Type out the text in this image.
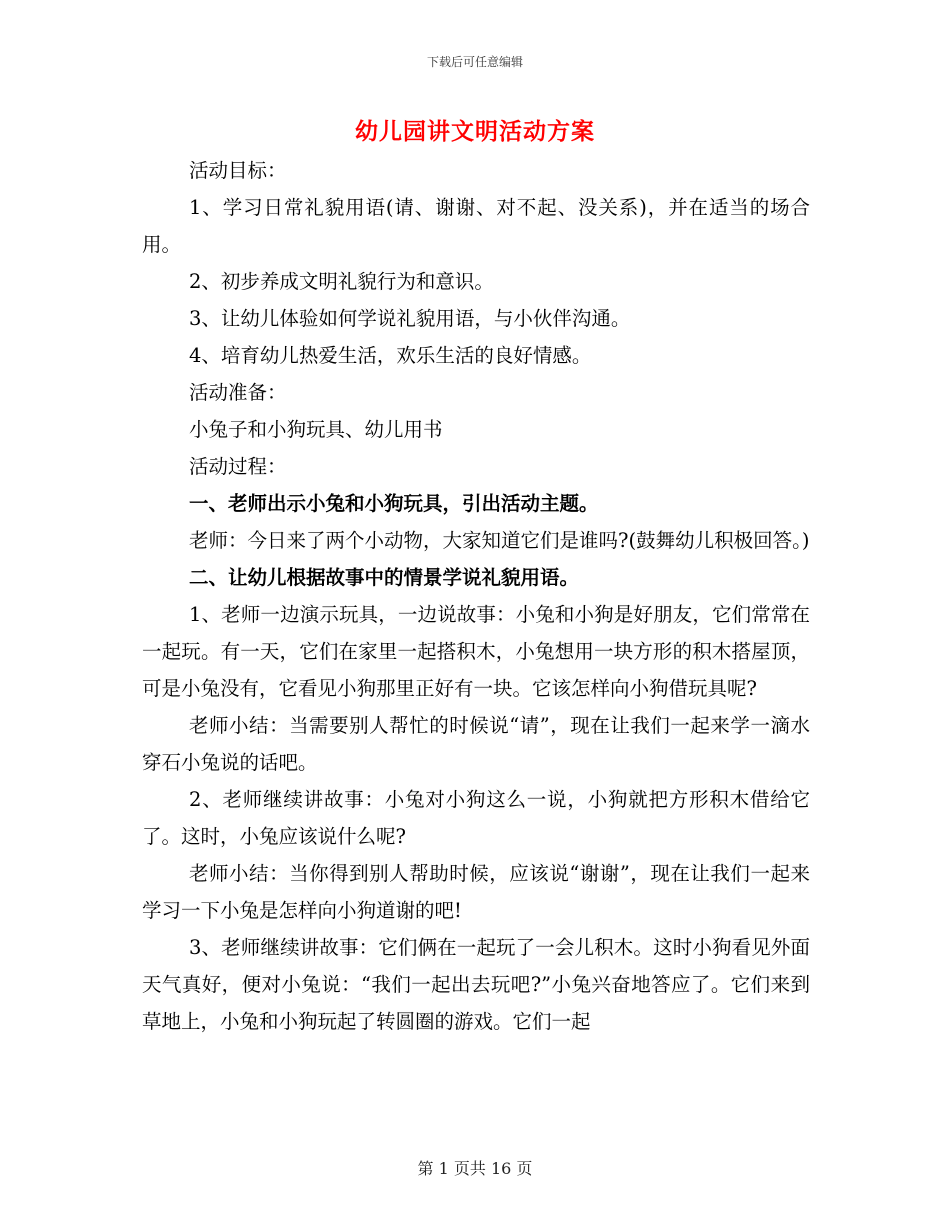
下载后可任意编辑
幼儿园讲文明活动方案

活动目标：

1、学习日常礼貌用语(请、谢谢、对不起、没关系)，并在适当的场合用。

2、初步养成文明礼貌行为和意识。

3、让幼儿体验如何学说礼貌用语，与小伙伴沟通。

4、培育幼儿热爱生活，欢乐生活的良好情感。

活动准备：

小兔子和小狗玩具、幼儿用书

活动过程：

一、老师出示小兔和小狗玩具，引出活动主题。

老师：今日来了两个小动物，大家知道它们是谁吗?(鼓舞幼儿积极回答。)

二、让幼儿根据故事中的情景学说礼貌用语。

1、老师一边演示玩具，一边说故事：小兔和小狗是好朋友，它们常常在一起玩。有一天，它们在家里一起搭积木，小兔想用一块方形的积木搭屋顶，可是小兔没有，它看见小狗那里正好有一块。它该怎样向小狗借玩具呢?

老师小结：当需要别人帮忙的时候说“请”，现在让我们一起来学一滴水穿石小兔说的话吧。

2、老师继续讲故事：小兔对小狗这么一说，小狗就把方形积木借给它了。这时，小兔应该说什么呢?

老师小结：当你得到别人帮助时候，应该说“谢谢”，现在让我们一起来学习一下小兔是怎样向小狗道谢的吧!

3、老师继续讲故事：它们俩在一起玩了一会儿积木。这时小狗看见外面天气真好，便对小兔说：“我们一起出去玩吧?”小兔兴奋地答应了。它们来到草地上，小兔和小狗玩起了转圆圈的游戏。它们一起

第 1 页共 16 页
